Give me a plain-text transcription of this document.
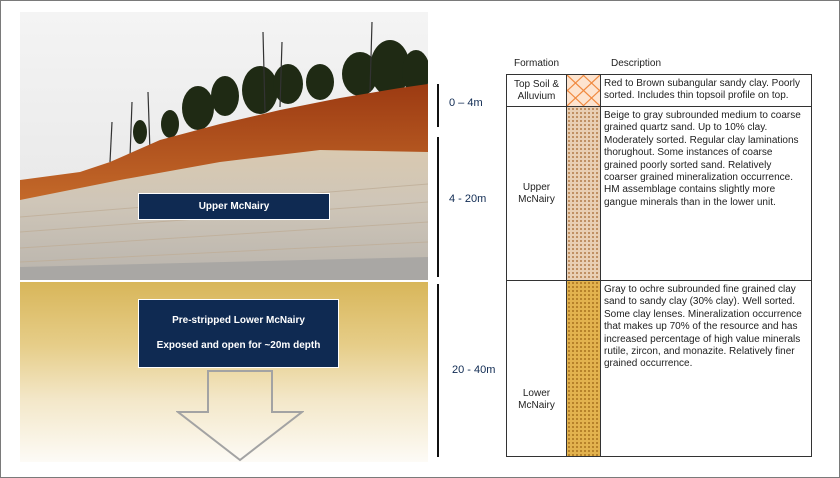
Upper McNairy
Pre-stripped Lower McNairy
Exposed and open for ~20m depth
0 – 4m
4 - 20m
20 - 40m
Formation	Description
Top Soil & Alluvium
Red to Brown subangular sandy clay. Poorly sorted. Includes thin topsoil profile on top.
Upper McNairy
Beige to gray subrounded medium to coarse grained quartz sand. Up to 10% clay. Moderately sorted. Regular clay laminations thorughout. Some instances of coarse grained poorly sorted sand. Relatively coarser grained mineralization occurrence. HM assemblage contains slightly more gangue minerals than in the lower unit.
Lower McNairy
Gray to ochre subrounded fine grained clay sand to sandy clay (30% clay). Well sorted. Some clay lenses. Mineralization occurrence that makes up 70% of the resource and has increased percentage of high value minerals rutile, zircon, and monazite. Relatively finer grained occurrence.
